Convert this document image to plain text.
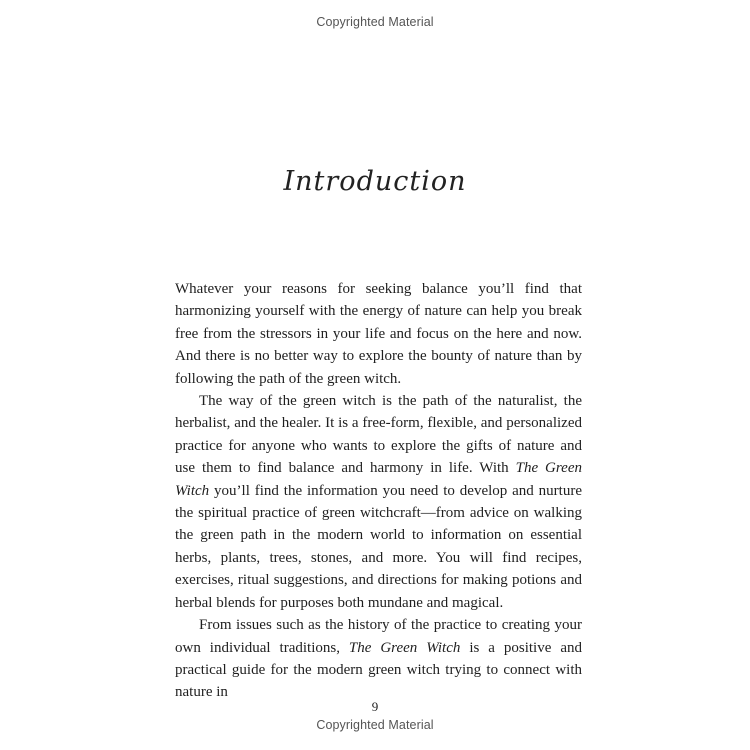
Copyrighted Material
Introduction

Whatever your reasons for seeking balance you’ll find that harmonizing yourself with the energy of nature can help you break free from the stressors in your life and focus on the here and now. And there is no better way to explore the bounty of nature than by following the path of the green witch.

The way of the green witch is the path of the naturalist, the herbalist, and the healer. It is a free-form, flexible, and personalized practice for anyone who wants to explore the gifts of nature and use them to find balance and harmony in life. With The Green Witch you’ll find the information you need to develop and nurture the spiritual practice of green witchcraft—from advice on walking the green path in the modern world to information on essential herbs, plants, trees, stones, and more. You will find recipes, exercises, ritual suggestions, and directions for making potions and herbal blends for purposes both mundane and magical.

From issues such as the history of the practice to creating your own individual traditions, The Green Witch is a positive and practical guide for the modern green witch trying to connect with nature in

9
Copyrighted Material
